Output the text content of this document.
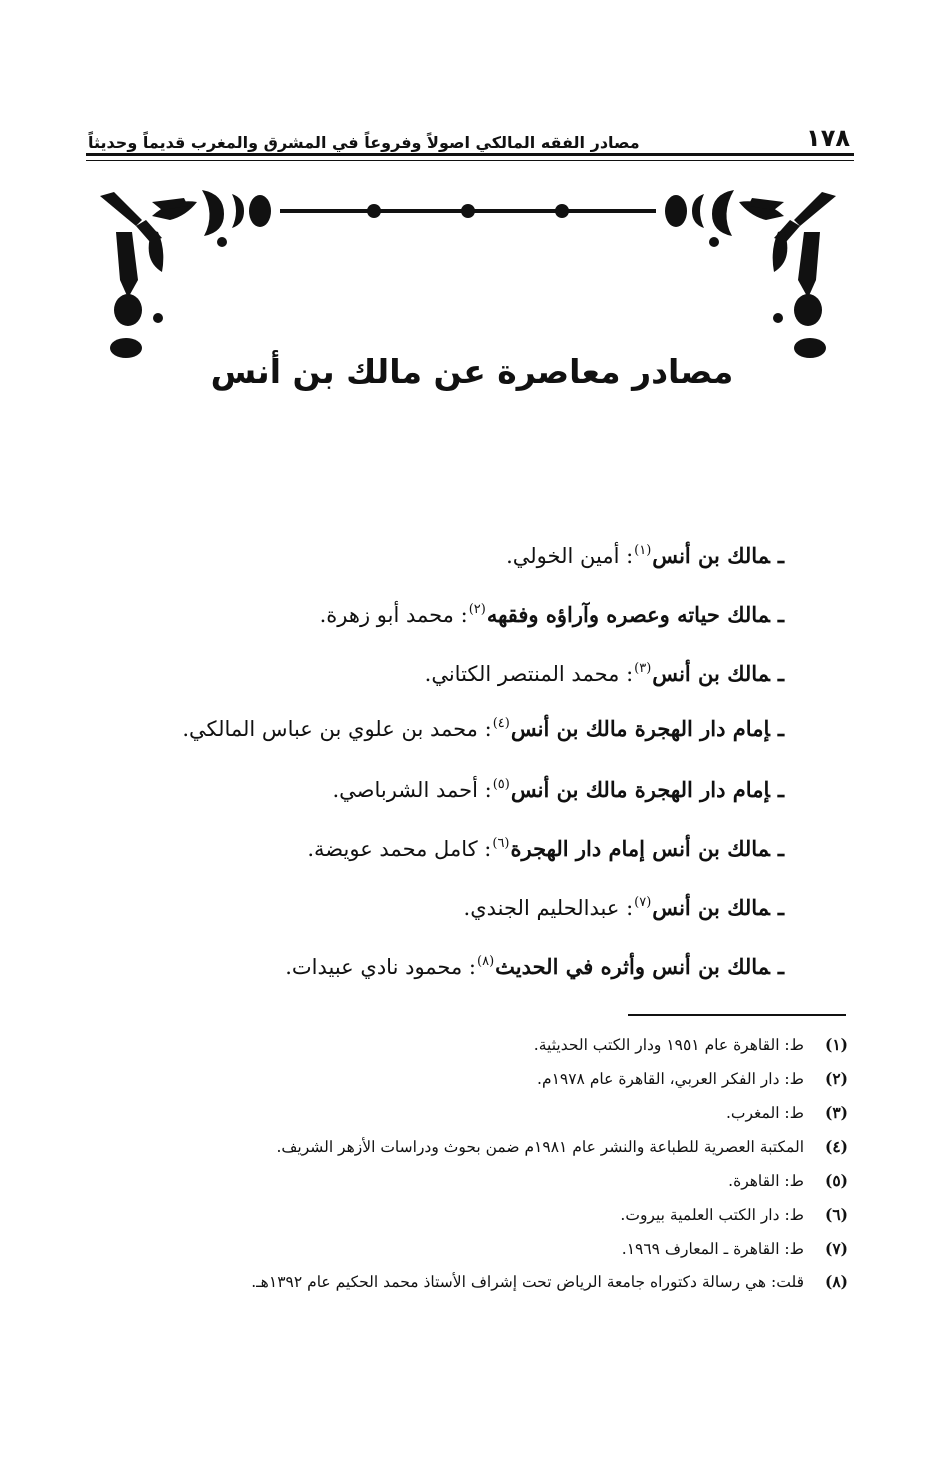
مصادر الفقه المالكي اصولاً وفروعاً في المشرق والمغرب قديماً وحديثاً	١٧٨
مصادر معاصرة عن مالك بن أنس
ـمالك بن أنس$^{(١)}$: أمين الخولي.
ـمالك حياته وعصره وآراؤه وفقهه$^{(٢)}$: محمد أبو زهرة.
ـمالك بن أنس$^{(٣)}$: محمد المنتصر الكتاني.
ـإمام دار الهجرة مالك بن أنس$^{(٤)}$: محمد بن علوي بن عباس المالكي.
ـإمام دار الهجرة مالك بن أنس$^{(٥)}$: أحمد الشرباصي.
ـمالك بن أنس إمام دار الهجرة$^{(٦)}$: كامل محمد عويضة.
ـمالك بن أنس$^{(٧)}$: عبدالحليم الجندي.
ـمالك بن أنس وأثره في الحديث$^{(٨)}$: محمود نادي عبيدات.
(١)
ط: القاهرة عام ١٩٥١ ودار الكتب الحديثية.
(٢)
ط: دار الفكر العربي، القاهرة عام ١٩٧٨م.
(٣)
ط: المغرب.
(٤)
المكتبة العصرية للطباعة والنشر عام ١٩٨١م ضمن بحوث ودراسات الأزهر الشريف.
(٥)
ط: القاهرة.
(٦)
ط: دار الكتب العلمية بيروت.
(٧)
ط: القاهرة ـ المعارف ١٩٦٩.
(٨)
قلت: هي رسالة دكتوراه جامعة الرياض تحت إشراف الأستاذ محمد الحكيم عام ١٣٩٢هـ.
